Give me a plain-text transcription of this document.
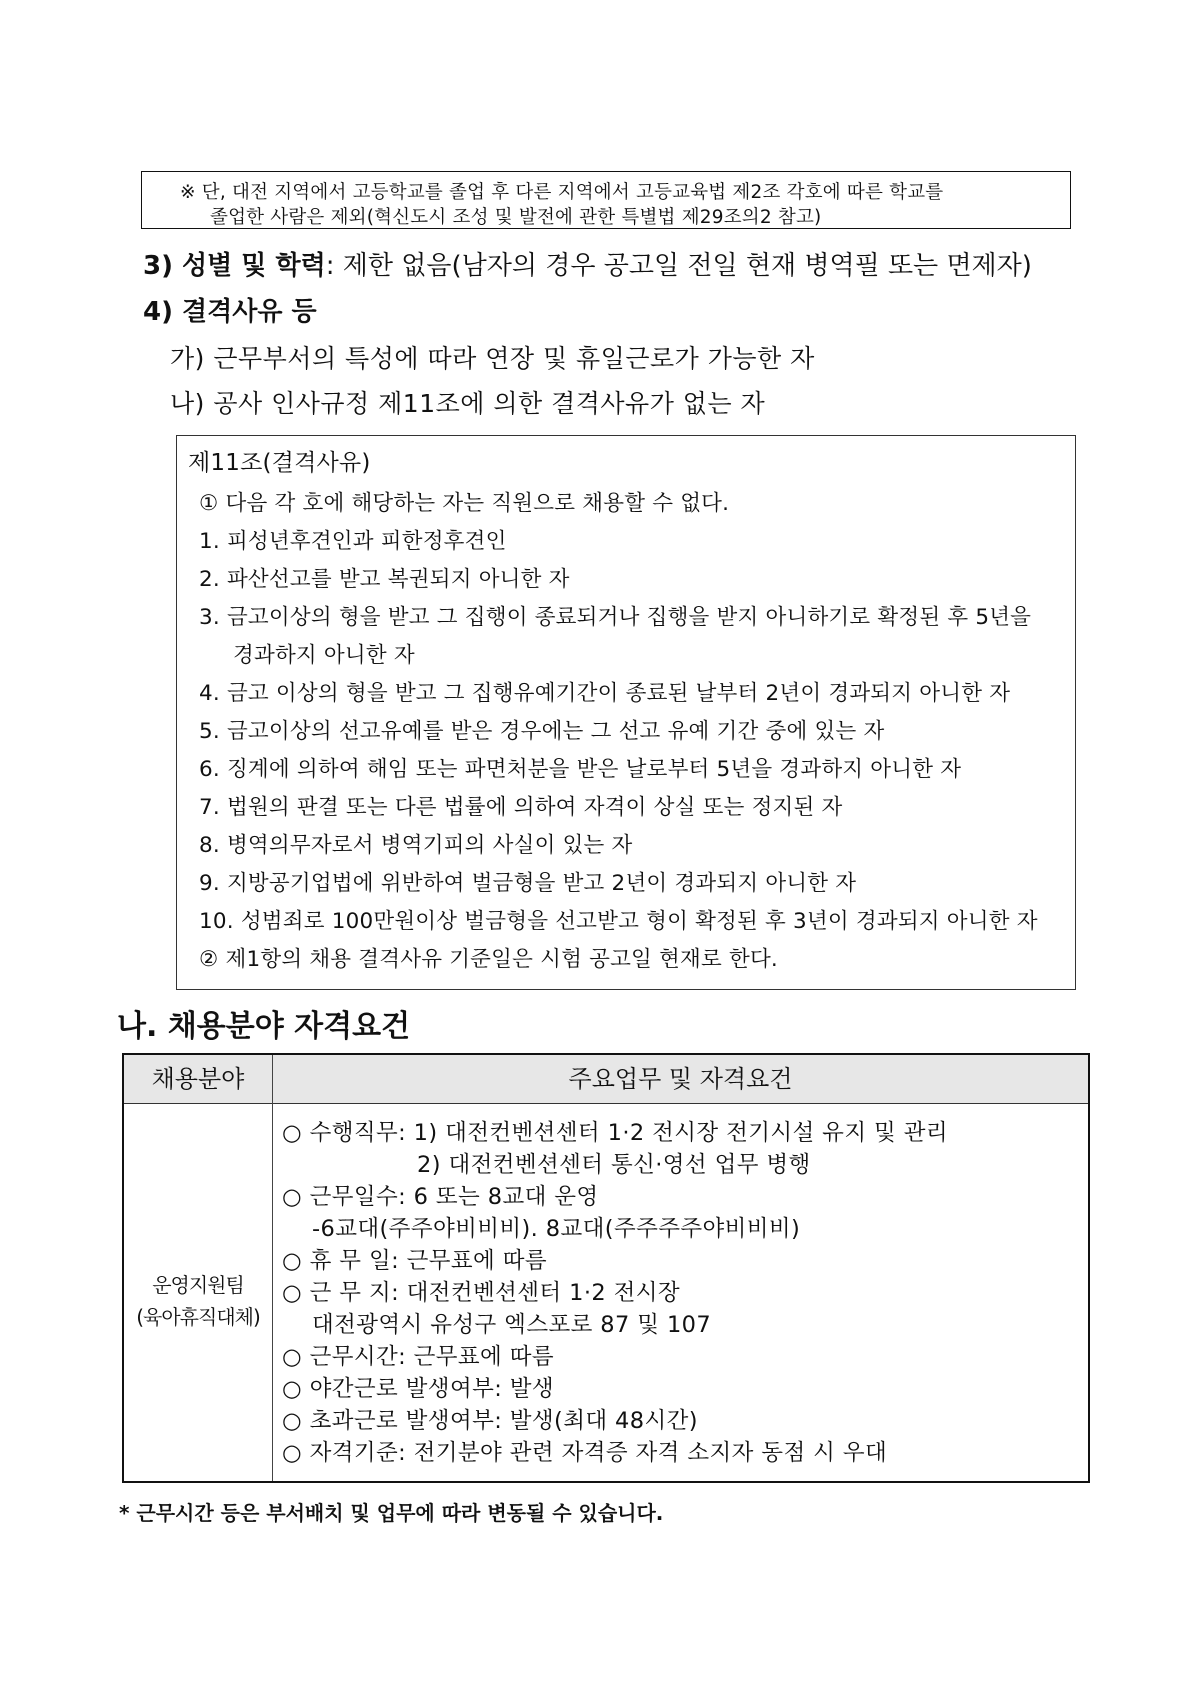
※ 단, 대전 지역에서 고등학교를 졸업 후 다른 지역에서 고등교육법 제2조 각호에 따른 학교를
졸업한 사람은 제외(혁신도시 조성 및 발전에 관한 특별법 제29조의2 참고)
3) 성별 및 학력: 제한 없음(남자의 경우 공고일 전일 현재 병역필 또는 면제자)
4) 결격사유 등
가) 근무부서의 특성에 따라 연장 및 휴일근로가 가능한 자
나) 공사 인사규정 제11조에 의한 결격사유가 없는 자
제11조(결격사유)
① 다음 각 호에 해당하는 자는 직원으로 채용할 수 없다.
1. 피성년후견인과 피한정후견인
2. 파산선고를 받고 복권되지 아니한 자
3. 금고이상의 형을 받고 그 집행이 종료되거나 집행을 받지 아니하기로 확정된 후 5년을
경과하지 아니한 자
4. 금고 이상의 형을 받고 그 집행유예기간이 종료된 날부터 2년이 경과되지 아니한 자
5. 금고이상의 선고유예를 받은 경우에는 그 선고 유예 기간 중에 있는 자
6. 징계에 의하여 해임 또는 파면처분을 받은 날로부터 5년을 경과하지 아니한 자
7. 법원의 판결 또는 다른 법률에 의하여 자격이 상실 또는 정지된 자
8. 병역의무자로서 병역기피의 사실이 있는 자
9. 지방공기업법에 위반하여 벌금형을 받고 2년이 경과되지 아니한 자
10. 성범죄로 100만원이상 벌금형을 선고받고 형이 확정된 후 3년이 경과되지 아니한 자
② 제1항의 채용 결격사유 기준일은 시험 공고일 현재로 한다.
나. 채용분야 자격요건
채용분야	주요업무 및 자격요건
운영지원팀
(육아휴직대체)
○ 수행직무: 1) 대전컨벤션센터 1·2 전시장 전기시설 유지 및 관리
2) 대전컨벤션센터 통신·영선 업무 병행
○ 근무일수: 6 또는 8교대 운영
-6교대(주주야비비비). 8교대(주주주주야비비비)
○ 휴 무 일: 근무표에 따름
○ 근 무 지: 대전컨벤션센터 1·2 전시장
대전광역시 유성구 엑스포로 87 및 107
○ 근무시간: 근무표에 따름
○ 야간근로 발생여부: 발생
○ 초과근로 발생여부: 발생(최대 48시간)
○ 자격기준: 전기분야 관련 자격증 자격 소지자 동점 시 우대
* 근무시간 등은 부서배치 및 업무에 따라 변동될 수 있습니다.
